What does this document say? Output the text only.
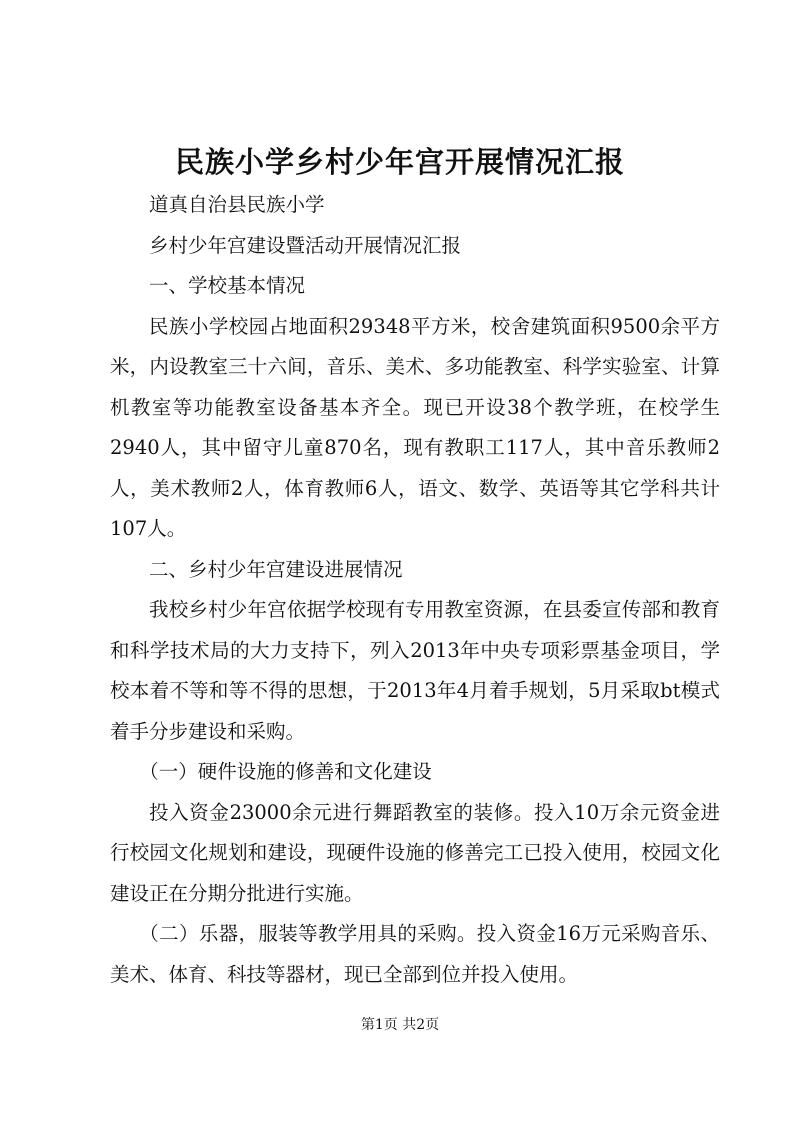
民族小学乡村少年宫开展情况汇报

道真自治县民族小学

乡村少年宫建设暨活动开展情况汇报

一、学校基本情况

民族小学校园占地面积29348平方米，校舍建筑面积9500余平方米，内设教室三十六间，音乐、美术、多功能教室、科学实验室、计算机教室等功能教室设备基本齐全。现已开设38个教学班，在校学生2940人，其中留守儿童870名，现有教职工117人，其中音乐教师2人，美术教师2人，体育教师6人，语文、数学、英语等其它学科共计107人。

二、乡村少年宫建设进展情况

我校乡村少年宫依据学校现有专用教室资源，在县委宣传部和教育和科学技术局的大力支持下，列入2013年中央专项彩票基金项目，学校本着不等和等不得的思想，于2013年4月着手规划，5月采取bt模式着手分步建设和采购。

（一）硬件设施的修善和文化建设

投入资金23000余元进行舞蹈教室的装修。投入10万余元资金进行校园文化规划和建设，现硬件设施的修善完工已投入使用，校园文化建设正在分期分批进行实施。

（二）乐器，服装等教学用具的采购。投入资金16万元采购音乐、美术、体育、科技等器材，现已全部到位并投入使用。

第1页 共2页
